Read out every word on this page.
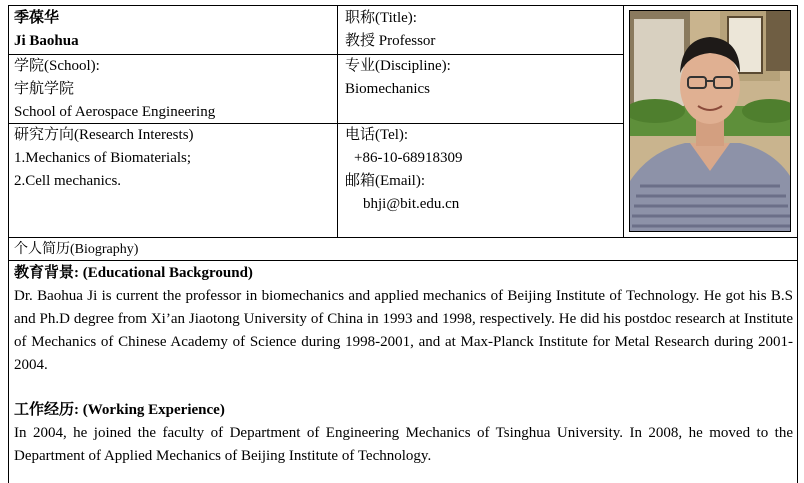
季葆华
Ji Baohua
职称(Title):
教授 Professor
学院(School):
宇航学院
School of Aerospace Engineering
专业(Discipline):
Biomechanics
研究方向(Research Interests)
1.Mechanics of Biomaterials;
2.Cell mechanics.
电话(Tel):
+86-10-68918309
邮箱(Email):
bhji@bit.edu.cn
个人简历(Biography)
教育背景: (Educational Background)
Dr. Baohua Ji is current the professor in biomechanics and applied mechanics of Beijing Institute of Technology. He got his B.S and Ph.D degree from Xi’an Jiaotong University of China in 1993 and 1998, respectively. He did his postdoc research at Institute of Mechanics of Chinese Academy of Science during 1998-2001, and at Max-Planck Institute for Metal Research during 2001-2004.
工作经历: (Working Experience)
In 2004, he joined the faculty of Department of Engineering Mechanics of Tsinghua University. In 2008, he moved to the Department of Applied Mechanics of Beijing Institute of Technology.
